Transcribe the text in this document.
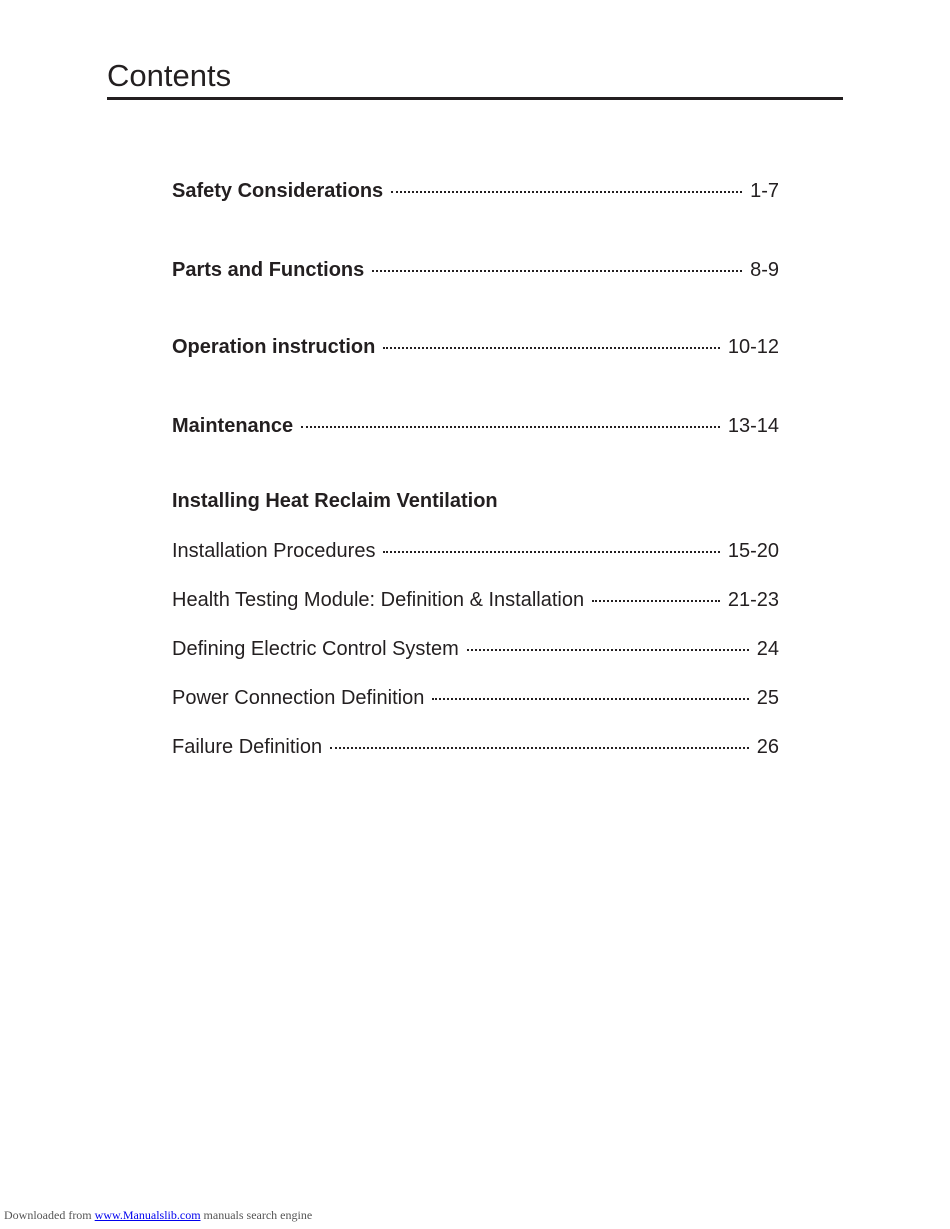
Contents
Safety Considerations	1-7
Parts and Functions	8-9
Operation instruction	10-12
Maintenance	13-14
Installing Heat Reclaim Ventilation
Installation Procedures	15-20
Health Testing Module: Definition & Installation	21-23
Defining Electric Control System	24
Power Connection Definition	25
Failure Definition	26
Downloaded from www.Manualslib.com manuals search engine
